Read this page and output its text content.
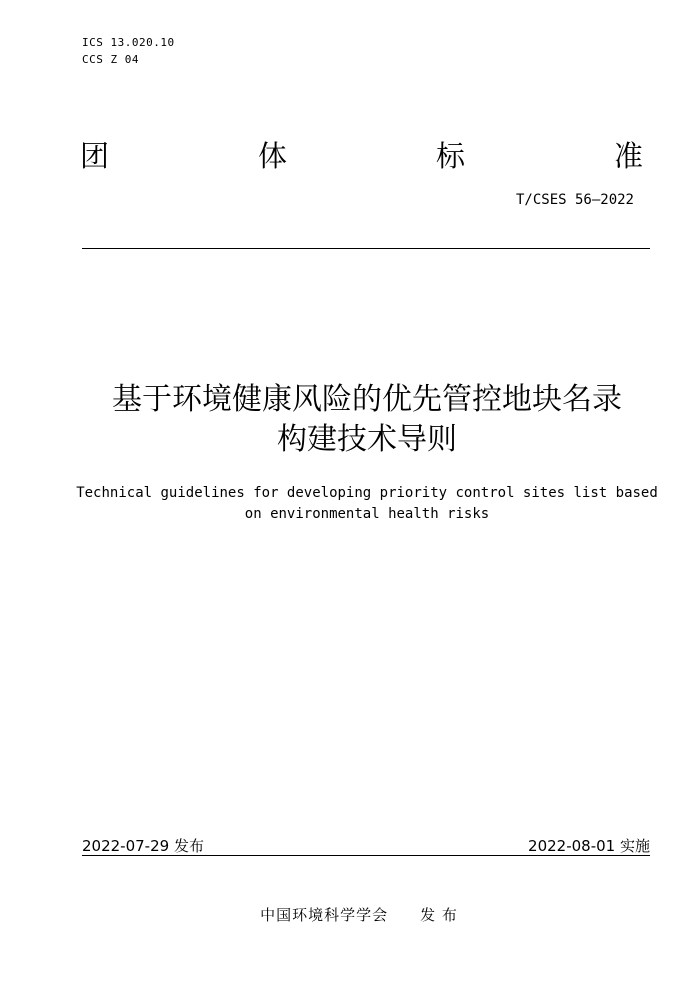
ICS 13.020.10
CCS Z 04
团	体	标	准
T/CSES 56—2022
基于环境健康风险的优先管控地块名录
构建技术导则
Technical guidelines for developing priority control sites list based
on environmental health risks
2022-07-29 发布	2022-08-01 实施
中国环境科学学会　　发 布
